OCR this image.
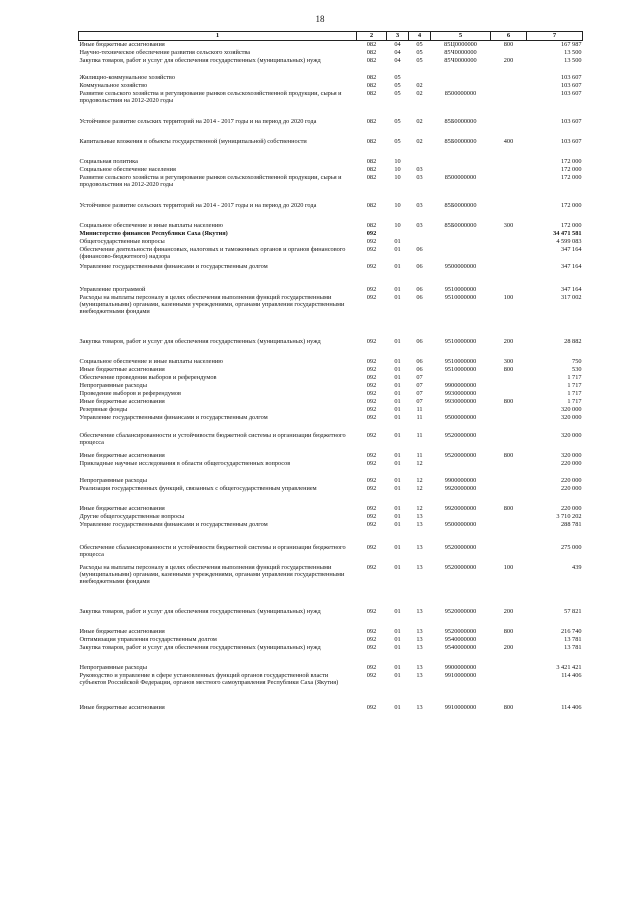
18
1	2	3	4	5	6	7
Иные бюджетные ассигнования	082	04	05	85Ц0000000	800	167 987
Научно-техническое обеспечение развития сельского хозяйства	082	04	05	85Ч0000000		13 500
Закупка товаров, работ и услуг для обеспечения государственных (муниципальных) нужд	082	04	05	85Ч0000000	200	13 500
Жилищно-коммунальное хозяйство	082	05				103 607
Коммунальное хозяйство	082	05	02			103 607
Развитие сельского хозяйства и регулирование рынков сельскохозяйственной продукции, сырья и продовольствия на 2012-2020 годы	082	05	02	8500000000		103 607
Устойчивое развитие сельских территорий на 2014 - 2017 годы и на период до 2020 года	082	05	02	85Б0000000		103 607
Капитальные вложения в объекты государственной (муниципальной) собственности	082	05	02	85Б0000000	400	103 607
Социальная политика	082	10				172 000
Социальное обеспечение населения	082	10	03			172 000
Развитие сельского хозяйства и регулирование рынков сельскохозяйственной продукции, сырья и продовольствия на 2012-2020 годы	082	10	03	8500000000		172 000
Устойчивое развитие сельских территорий на 2014 - 2017 годы и на период до 2020 года	082	10	03	85Б0000000		172 000
Социальное обеспечение и иные выплаты населению	082	10	03	85Б0000000	300	172 000
Министерство финансов Республики Саха (Якутия)	092					34 471 581
Общегосударственные вопросы	092	01				4 599 083
Обеспечение деятельности финансовых, налоговых и таможенных органов и органов финансового (финансово-бюджетного) надзора	092	01	06			347 164
Управление государственными финансами и государственным долгом	092	01	06	9500000000		347 164
Управление программой	092	01	06	9510000000		347 164
Расходы на выплаты персоналу в целях обеспечения выполнения функций государственными (муниципальными) органами, казенными учреждениями, органами управления государственными внебюджетными фондами	092	01	06	9510000000	100	317 002
Закупка товаров, работ и услуг для обеспечения государственных (муниципальных) нужд	092	01	06	9510000000	200	28 882
Социальное обеспечение и иные выплаты населению	092	01	06	9510000000	300	750
Иные бюджетные ассигнования	092	01	06	9510000000	800	530
Обеспечение проведения выборов и референдумов	092	01	07			1 717
Непрограммные расходы	092	01	07	9900000000		1 717
Проведение выборов и референдумов	092	01	07	9930000000		1 717
Иные бюджетные ассигнования	092	01	07	9930000000	800	1 717
Резервные фонды	092	01	11			320 000
Управление государственными финансами и государственным долгом	092	01	11	9500000000		320 000
Обеспечение сбалансированности и устойчивости бюджетной системы и организации бюджетного процесса	092	01	11	9520000000		320 000
Иные бюджетные ассигнования	092	01	11	9520000000	800	320 000
Прикладные научные исследования в области общегосударственных вопросов	092	01	12			220 000
Непрограммные расходы	092	01	12	9900000000		220 000
Реализация государственных функций, связанных с общегосударственным управлением	092	01	12	9920000000		220 000
Иные бюджетные ассигнования	092	01	12	9920000000	800	220 000
Другие общегосударственные вопросы	092	01	13			3 710 202
Управление государственными финансами и государственным долгом	092	01	13	9500000000		288 781
Обеспечение сбалансированности и устойчивости бюджетной системы и организации бюджетного процесса	092	01	13	9520000000		275 000
Расходы на выплаты персоналу в целях обеспечения выполнения функций государственными (муниципальными) органами, казенными учреждениями, органами управления государственными внебюджетными фондами	092	01	13	9520000000	100	439
Закупка товаров, работ и услуг для обеспечения государственных (муниципальных) нужд	092	01	13	9520000000	200	57 821
Иные бюджетные ассигнования	092	01	13	9520000000	800	216 740
Оптимизация управления государственным долгом	092	01	13	9540000000		13 781
Закупка товаров, работ и услуг для обеспечения государственных (муниципальных) нужд	092	01	13	9540000000	200	13 781
Непрограммные расходы	092	01	13	9900000000		3 421 421
Руководство и управление в сфере установленных функций органов государственной власти субъектов Российской Федерации, органов местного самоуправления Республики Саха (Якутия)	092	01	13	9910000000		114 406
Иные бюджетные ассигнования	092	01	13	9910000000	800	114 406
